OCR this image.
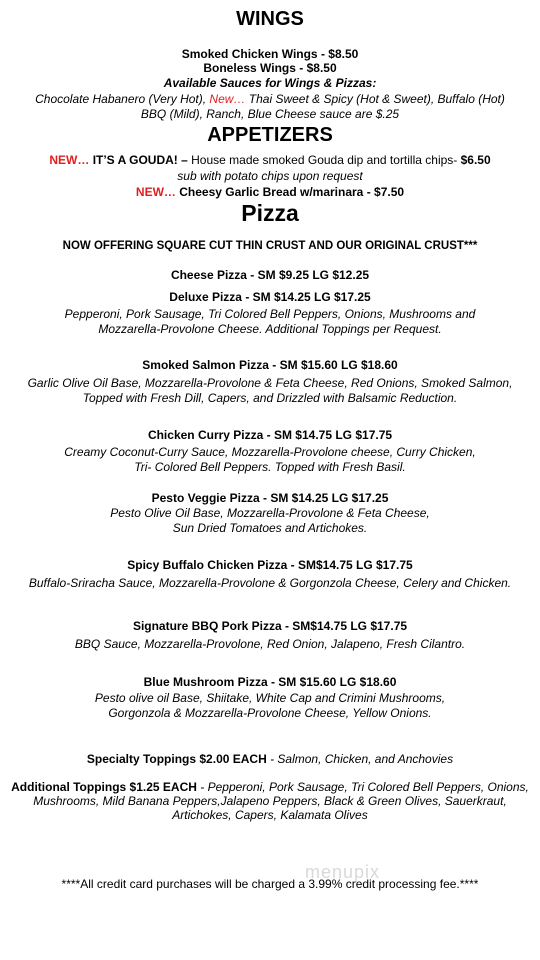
WINGS
Smoked Chicken Wings - $8.50
Boneless Wings - $8.50
Available Sauces for Wings & Pizzas:
Chocolate Habanero (Very Hot), New… Thai Sweet & Spicy (Hot & Sweet), Buffalo (Hot)
BBQ (Mild), Ranch, Blue Cheese sauce are $.25
APPETIZERS
NEW… IT’S A GOUDA! – House made smoked Gouda dip and tortilla chips- $6.50
sub with potato chips upon request
NEW… Cheesy Garlic Bread w/marinara - $7.50
Pizza
NOW OFFERING SQUARE CUT THIN CRUST AND OUR ORIGINAL CRUST***
Cheese Pizza - SM $9.25 LG $12.25
Deluxe Pizza - SM $14.25 LG $17.25
Pepperoni, Pork Sausage, Tri Colored Bell Peppers, Onions, Mushrooms and
Mozzarella-Provolone Cheese. Additional Toppings per Request.
Smoked Salmon Pizza - SM $15.60 LG $18.60
Garlic Olive Oil Base, Mozzarella-Provolone & Feta Cheese, Red Onions, Smoked Salmon,
Topped with Fresh Dill, Capers, and Drizzled with Balsamic Reduction.
Chicken Curry Pizza - SM $14.75 LG $17.75
Creamy Coconut-Curry Sauce, Mozzarella-Provolone cheese, Curry Chicken,
Tri- Colored Bell Peppers. Topped with Fresh Basil.
Pesto Veggie Pizza - SM $14.25 LG $17.25
Pesto Olive Oil Base, Mozzarella-Provolone & Feta Cheese,
Sun Dried Tomatoes and Artichokes.
Spicy Buffalo Chicken Pizza - SM$14.75 LG $17.75
Buffalo-Sriracha Sauce, Mozzarella-Provolone & Gorgonzola Cheese, Celery and Chicken.
Signature BBQ Pork Pizza - SM$14.75 LG $17.75
BBQ Sauce, Mozzarella-Provolone, Red Onion, Jalapeno, Fresh Cilantro.
Blue Mushroom Pizza - SM $15.60 LG $18.60
Pesto olive oil Base, Shiitake, White Cap and Crimini Mushrooms,
Gorgonzola & Mozzarella-Provolone Cheese, Yellow Onions.
Specialty Toppings $2.00 EACH - Salmon, Chicken, and Anchovies
Additional Toppings $1.25 EACH - Pepperoni, Pork Sausage, Tri Colored Bell Peppers, Onions,
Mushrooms, Mild Banana Peppers,Jalapeno Peppers, Black & Green Olives, Sauerkraut,
Artichokes, Capers, Kalamata Olives
menupix
****All credit card purchases will be charged a 3.99% credit processing fee.****
